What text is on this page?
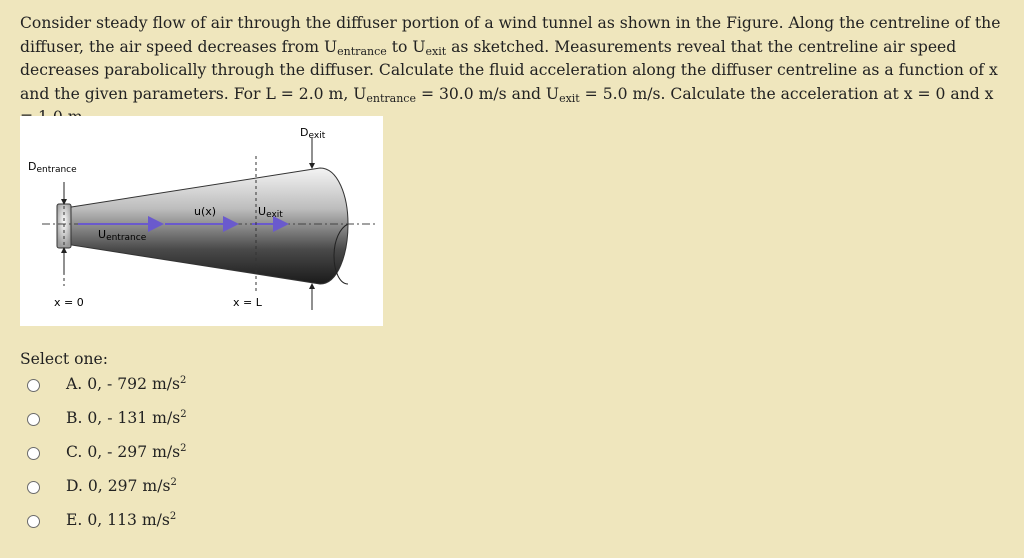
Consider steady flow of air through the diffuser portion of a wind tunnel as shown in the Figure. Along the centreline of the diffuser, the air speed decreases from $U_{entrance}$ to $U_{exit}$ as sketched. Measurements reveal that the centreline air speed decreases parabolically through the diffuser. Calculate the fluid acceleration along the diffuser centreline as a function of x and the given parameters. For L = 2.0 m, $U_{entrance} = 30.0$ m/s and $U_{exit} = 5.0$ m/s. Calculate the acceleration at x = 0 and x
Dexit
Dentrance
u(x)	Uexit
Uentrance
x = 0	x = L
Select one:
A. 0, - 792 $m/s^2$
B. 0, - 131 $m/s^2$
C. 0, - 297 $m/s^2$
D. 0, 297 $m/s^2$
E. 0, 113 $m/s^2$
